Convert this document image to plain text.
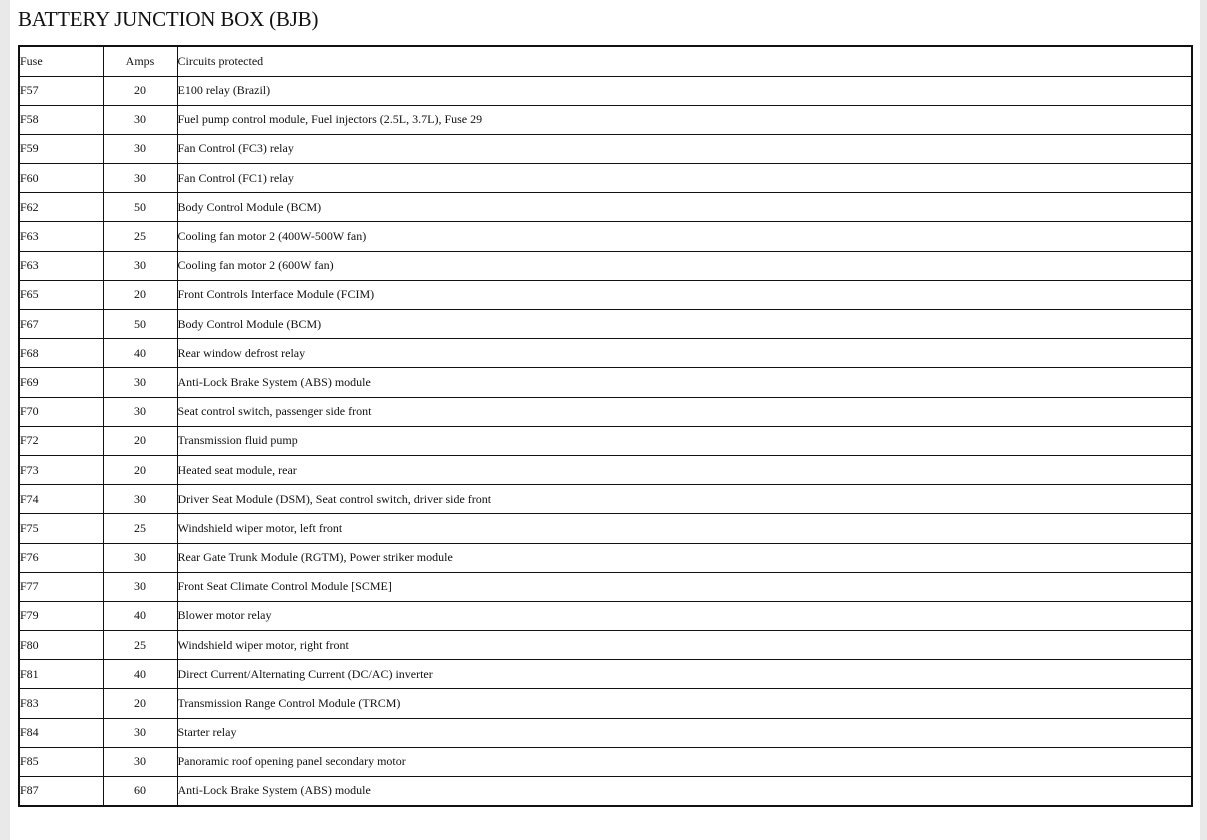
BATTERY JUNCTION BOX (BJB)
Fuse	Amps	Circuits protected
F57	20	E100 relay (Brazil)
F58	30	Fuel pump control module, Fuel injectors (2.5L, 3.7L), Fuse 29
F59	30	Fan Control (FC3) relay
F60	30	Fan Control (FC1) relay
F62	50	Body Control Module (BCM)
F63	25	Cooling fan motor 2 (400W-500W fan)
F63	30	Cooling fan motor 2 (600W fan)
F65	20	Front Controls Interface Module (FCIM)
F67	50	Body Control Module (BCM)
F68	40	Rear window defrost relay
F69	30	Anti-Lock Brake System (ABS) module
F70	30	Seat control switch, passenger side front
F72	20	Transmission fluid pump
F73	20	Heated seat module, rear
F74	30	Driver Seat Module (DSM), Seat control switch, driver side front
F75	25	Windshield wiper motor, left front
F76	30	Rear Gate Trunk Module (RGTM), Power striker module
F77	30	Front Seat Climate Control Module [SCME]
F79	40	Blower motor relay
F80	25	Windshield wiper motor, right front
F81	40	Direct Current/Alternating Current (DC/AC) inverter
F83	20	Transmission Range Control Module (TRCM)
F84	30	Starter relay
F85	30	Panoramic roof opening panel secondary motor
F87	60	Anti-Lock Brake System (ABS) module
